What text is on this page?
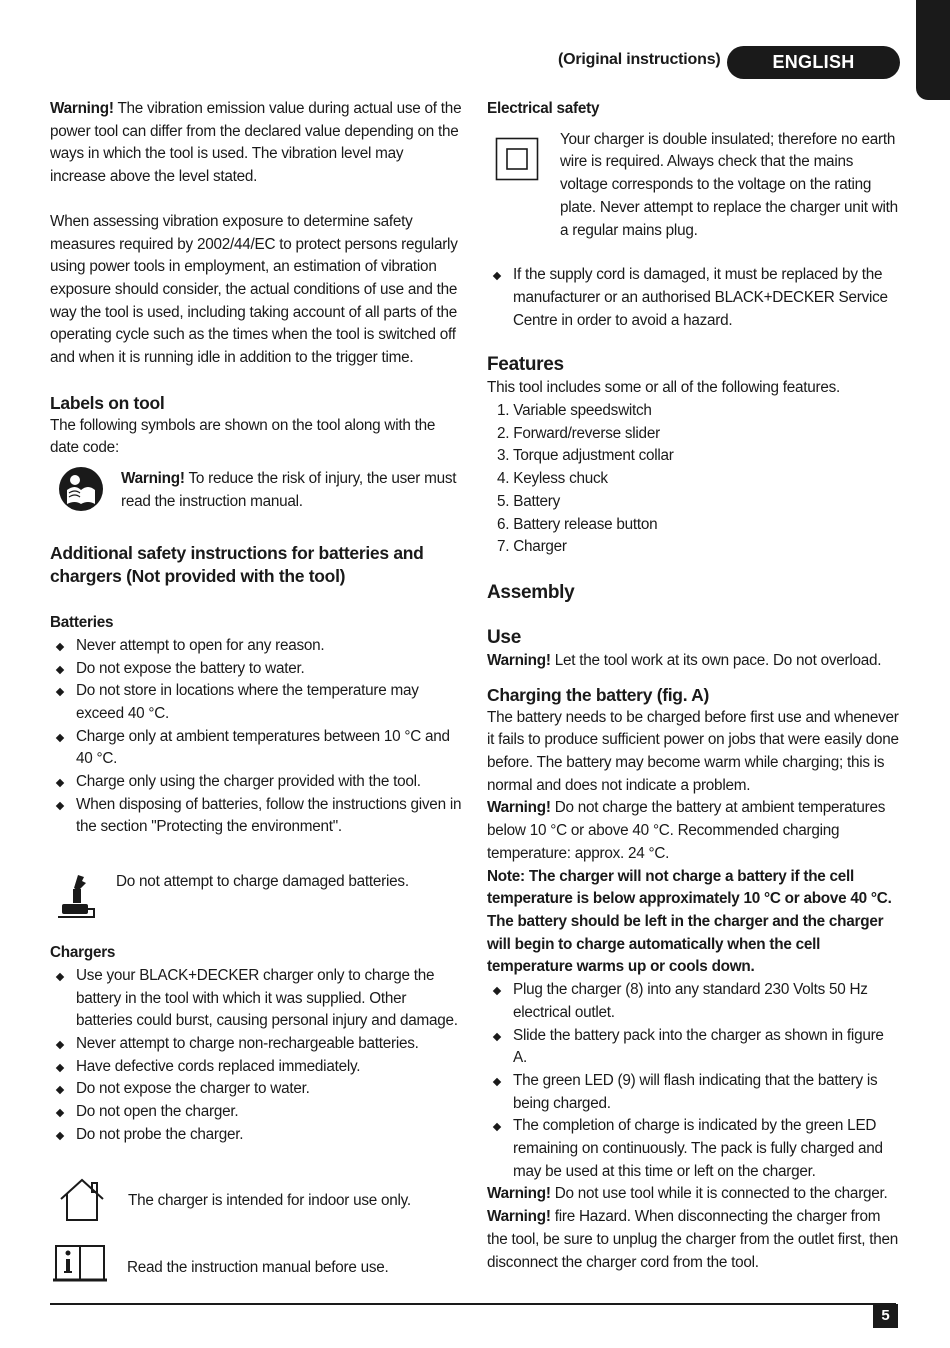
(Original instructions)	ENGLISH

Warning! The vibration emission value during actual use of the power tool can differ from the declared value depending on the ways in which the tool is used. The vibration level may increase above the level stated.

When assessing vibration exposure to determine safety measures required by 2002/44/EC to protect persons regularly using power tools in employment, an estimation of vibration exposure should consider, the actual conditions of use and the way the tool is used, including taking account of all parts of the operating cycle such as the times when the tool is switched off and when it is running idle in addition to the trigger time.

Labels on tool

The following symbols are shown on the tool along with the date code:

Warning! To reduce the risk of injury, the user must read the instruction manual.

Additional safety instructions for batteries and chargers (Not provided with the tool)
Batteries
Never attempt to open for any reason.
Do not expose the battery to water.
Do not store in locations where the temperature may exceed 40 °C.
Charge only at ambient temperatures between 10 °C and 40 °C.
Charge only using the charger provided with the tool.
When disposing of batteries, follow the instructions given in the section "Protecting the environment".

Do not attempt to charge damaged batteries.

Chargers
Use your BLACK+DECKER charger only to charge the battery in the tool with which it was supplied. Other batteries could burst, causing personal injury and damage.
Never attempt to charge non-rechargeable batteries.
Have defective cords replaced immediately.
Do not expose the charger to water.
Do not open the charger.
Do not probe the charger.

The charger is intended for indoor use only.

Read the instruction manual before use.

Electrical safety

Your charger is double insulated; therefore no earth wire is required. Always check that the mains voltage corresponds to the voltage on the rating plate. Never attempt to replace the charger unit with a regular mains plug.

If the supply cord is damaged, it must be replaced by the manufacturer or an authorised BLACK+DECKER Service Centre in order to avoid a hazard.
Features

This tool includes some or all of the following features.

1. Variable speedswitch
2. Forward/reverse slider
3. Torque adjustment collar
4. Keyless chuck
5. Battery
6. Battery release button
7. Charger
Assembly
Use

Warning! Let the tool work at its own pace. Do not overload.

Charging the battery (fig. A)

The battery needs to be charged before first use and whenever it fails to produce sufficient power on jobs that were easily done before. The battery may become warm while charging; this is normal and does not indicate a problem.

Warning! Do not charge the battery at ambient temperatures below 10 °C or above 40 °C. Recommended charging temperature: approx. 24 °C.

Note: The charger will not charge a battery if the cell temperature is below approximately 10 °C or above 40 °C. The battery should be left in the charger and the charger will begin to charge automatically when the cell temperature warms up or cools down.

Plug the charger (8) into any standard 230 Volts 50 Hz electrical outlet.
Slide the battery pack into the charger as shown in figure A.
The green LED (9) will flash indicating that the battery is being charged.
The completion of charge is indicated by the green LED remaining on continuously. The pack is fully charged and may be used at this time or left on the charger.

Warning! Do not use tool while it is connected to the charger.

Warning! fire Hazard. When disconnecting the charger from the tool, be sure to unplug the charger from the outlet first, then disconnect the charger cord from the tool.

5
